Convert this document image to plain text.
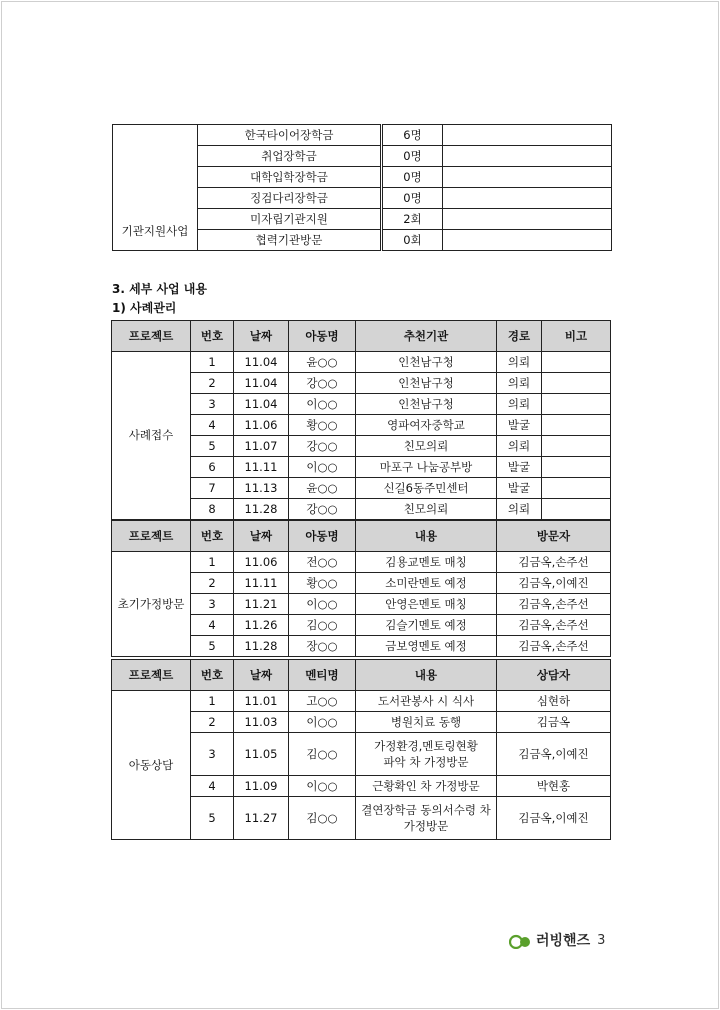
기관지원사업	한국타이어장학금	6명	
	취업장학금	0명	
	대학입학장학금	0명	
	징검다리장학금	0명	
	미자립기관지원	2회	
	협력기관방문	0회	
3. 세부 사업 내용
1) 사례관리
프로젝트	번호	날짜	아동명	추천기관	경로	비고
사례접수	1	11.04	윤○○	인천남구청	의뢰	
	2	11.04	강○○	인천남구청	의뢰	
	3	11.04	이○○	인천남구청	의뢰	
	4	11.06	황○○	영파여자중학교	발굴	
	5	11.07	강○○	친모의뢰	의뢰	
	6	11.11	이○○	마포구 나눔공부방	발굴	
	7	11.13	윤○○	신길6동주민센터	발굴	
	8	11.28	강○○	친모의뢰	의뢰	
프로젝트	번호	날짜	아동명	내용	방문자
초기가정방문	1	11.06	전○○	김용교멘토 매칭	김금옥,손주선
	2	11.11	황○○	소미란멘토 예정	김금옥,이예진
	3	11.21	이○○	안영은멘토 매칭	김금옥,손주선
	4	11.26	김○○	김슬기멘토 예정	김금옥,손주선
	5	11.28	장○○	금보영멘토 예정	김금옥,손주선
프로젝트	번호	날짜	멘티명	내용	상담자
아동상담	1	11.01	고○○	도서관봉사 시 식사	심현하
	2	11.03	이○○	병원치료 동행	김금옥
	3	11.05	김○○	가정환경,멘토링현황
파악 차 가정방문	김금옥,이예진
	4	11.09	이○○	근황확인 차 가정방문	박현홍
	5	11.27	김○○	결연장학금 동의서수령 차
가정방문	김금옥,이예진
러빙핸즈 3
